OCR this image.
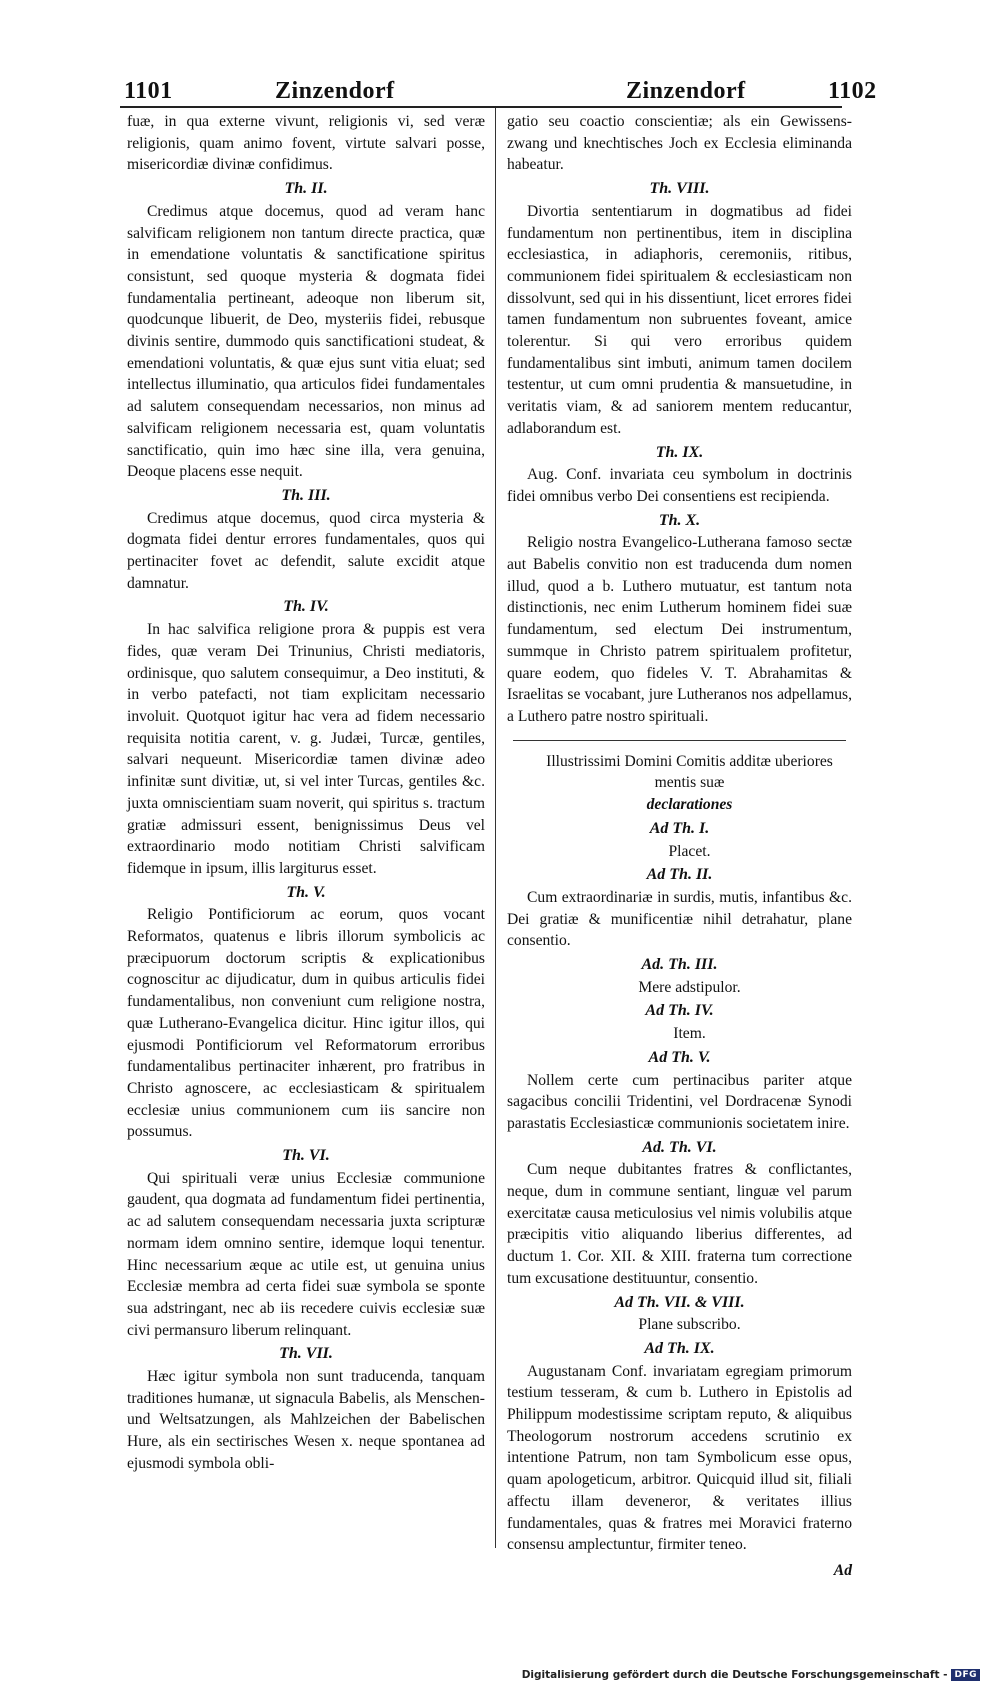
1101	Zinzendorf	Zinzendorf	1102

fuæ, in qua externe vivunt, religionis vi, sed veræ religionis, quam animo fovent, virtute salvari posse, misericordiæ divinæ confidimus.

Th. II.

Credimus atque docemus, quod ad veram hanc salvificam religionem non tantum directe practica, quæ in emendatione voluntatis & sanctificatione spiritus consistunt, sed quoque mysteria & dogmata fidei fundamentalia pertineant, adeoque non liberum sit, quodcunque libuerit, de Deo, mysteriis fidei, rebusque divinis sentire, dummodo quis sanctificationi studeat, & emendationi voluntatis, & quæ ejus sunt vitia eluat; sed intellectus illuminatio, qua articulos fidei fundamentales ad salutem consequendam necessarios, non minus ad salvificam religionem necessaria est, quam voluntatis sanctificatio, quin imo hæc sine illa, vera genuina, Deoque placens esse nequit.

Th. III.

Credimus atque docemus, quod circa mysteria & dogmata fidei dentur errores fundamentales, quos qui pertinaciter fovet ac defendit, salute excidit atque damnatur.

Th. IV.

In hac salvifica religione prora & puppis est vera fides, quæ veram Dei Trinunius, Christi mediatoris, ordinisque, quo salutem consequimur, a Deo instituti, & in verbo patefacti, not tiam explicitam necessario involuit. Quotquot igitur hac vera ad fidem necessario requisita notitia carent, v. g. Judæi, Turcæ, gentiles, salvari nequeunt. Misericordiæ tamen divinæ adeo infinitæ sunt divitiæ, ut, si vel inter Turcas, gentiles &c. juxta omniscientiam suam noverit, qui spiritus s. tractum gratiæ admissuri essent, benignissimus Deus vel extraordinario modo notitiam Christi salvificam fidemque in ipsum, illis largiturus esset.

Th. V.

Religio Pontificiorum ac eorum, quos vocant Reformatos, quatenus e libris illorum symbolicis ac præcipuorum doctorum scriptis & explicationibus cognoscitur ac dijudicatur, dum in quibus articulis fidei fundamentalibus, non conveniunt cum religione nostra, quæ Lutherano-Evangelica dicitur. Hinc igitur illos, qui ejusmodi Pontificiorum vel Reformatorum erroribus fundamentalibus pertinaciter inhærent, pro fratribus in Christo agnoscere, ac ecclesiasticam & spiritualem ecclesiæ unius communionem cum iis sancire non possumus.

Th. VI.

Qui spirituali veræ unius Ecclesiæ communione gaudent, qua dogmata ad fundamentum fidei pertinentia, ac ad salutem consequendam necessaria juxta scripturæ normam idem omnino sentire, idemque loqui tenentur. Hinc necessarium æque ac utile est, ut genuina unius Ecclesiæ membra ad certa fidei suæ symbola se sponte sua adstringant, nec ab iis recedere cuivis ecclesiæ suæ civi permansuro liberum relinquant.

Th. VII.

Hæc igitur symbola non sunt traducenda, tanquam traditiones humanæ, ut signacula Babelis, als Menschen- und Weltsatzungen, als Mahlzeichen der Babelischen Hure, als ein sectirisches Wesen x. neque spontanea ad ejusmodi symbola obli-

gatio seu coactio conscientiæ; als ein Gewissens-zwang und knechtisches Joch ex Ecclesia eliminanda habeatur.

Th. VIII.

Divortia sententiarum in dogmatibus ad fidei fundamentum non pertinentibus, item in disciplina ecclesiastica, in adiaphoris, ceremoniis, ritibus, communionem fidei spiritualem & ecclesiasticam non dissolvunt, sed qui in his dissentiunt, licet errores fidei tamen fundamentum non subruentes foveant, amice tolerentur. Si qui vero erroribus quidem fundamentalibus sint imbuti, animum tamen docilem testentur, ut cum omni prudentia & mansuetudine, in veritatis viam, & ad saniorem mentem reducantur, adlaborandum est.

Th. IX.

Aug. Conf. invariata ceu symbolum in doctrinis fidei omnibus verbo Dei consentiens est recipienda.

Th. X.

Religio nostra Evangelico-Lutherana famoso sectæ aut Babelis convitio non est traducenda dum nomen illud, quod a b. Luthero mutuatur, est tantum nota distinctionis, nec enim Lutherum hominem fidei suæ fundamentum, sed electum Dei instrumentum, summque in Christo patrem spiritualem profitetur, quare eodem, quo fideles V. T. Abrahamitas & Israelitas se vocabant, jure Lutheranos nos adpellamus, a Luthero patre nostro spirituali.

Illustrissimi Domini Comitis additæ uberiores

mentis suæ

declarationes

Ad Th. I.

Placet.

Ad Th. II.

Cum extraordinariæ in surdis, mutis, infantibus &c. Dei gratiæ & munificentiæ nihil detrahatur, plane consentio.

Ad. Th. III.

Mere adstipulor.

Ad Th. IV.

Item.

Ad Th. V.

Nollem certe cum pertinacibus pariter atque sagacibus concilii Tridentini, vel Dordracenæ Synodi parastatis Ecclesiasticæ communionis societatem inire.

Ad. Th. VI.

Cum neque dubitantes fratres & conflictantes, neque, dum in commune sentiant, linguæ vel parum exercitatæ causa meticulosius vel nimis volubilis atque præcipitis vitio aliquando liberius differentes, ad ductum 1. Cor. XII. & XIII. fraterna tum correctione tum excusatione destituuntur, consentio.

Ad Th. VII. & VIII.

Plane subscribo.

Ad Th. IX.

Augustanam Conf. invariatam egregiam primorum testium tesseram, & cum b. Luthero in Epistolis ad Philippum modestissime scriptam reputo, & aliquibus Theologorum nostrorum accedens scrutinio ex intentione Patrum, non tam Symbolicum esse opus, quam apologeticum, arbitror. Quicquid illud sit, filiali affectu illam deveneror, & veritates illius fundamentales, quas & fratres mei Moravici fraterno consensu amplectuntur, firmiter teneo.

Ad
Digitalisierung gefördert durch die Deutsche Forschungsgemeinschaft - DFG
